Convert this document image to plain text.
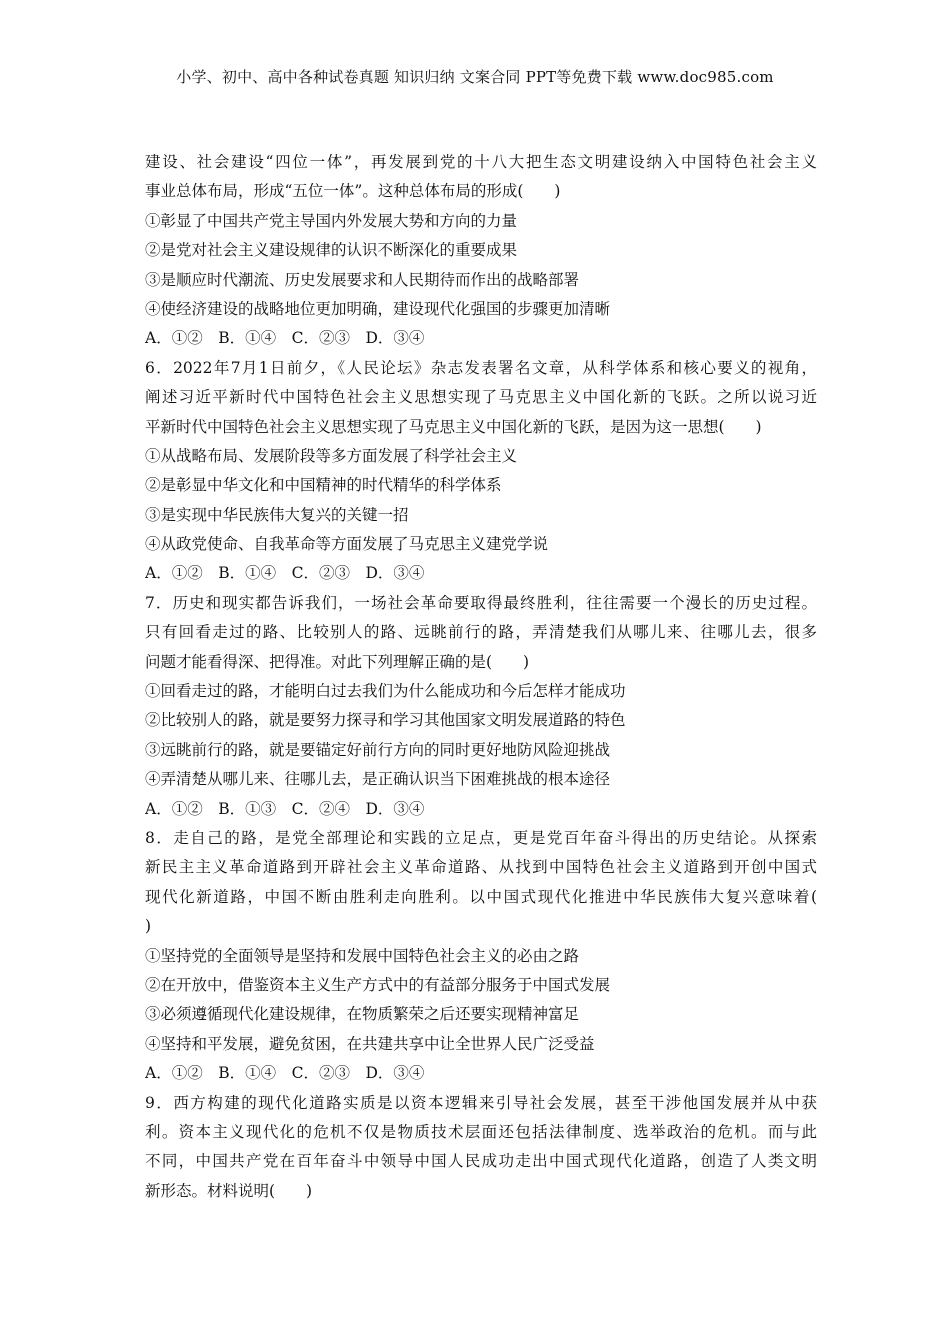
小学、初中、高中各种试卷真题 知识归纳 文案合同 PPT等免费下载 www.doc985.com
建设、社会建设“四位一体”，再发展到党的十八大把生态文明建设纳入中国特色社会主义
事业总体布局，形成“五位一体”。这种总体布局的形成(　　)
①彰显了中国共产党主导国内外发展大势和方向的力量
②是党对社会主义建设规律的认识不断深化的重要成果
③是顺应时代潮流、历史发展要求和人民期待而作出的战略部署
④使经济建设的战略地位更加明确，建设现代化强国的步骤更加清晰
A．①②　B．①④　C．②③　D．③④
6．2022年7月1日前夕，《人民论坛》杂志发表署名文章，从科学体系和核心要义的视角，
阐述习近平新时代中国特色社会主义思想实现了马克思主义中国化新的飞跃。之所以说习近
平新时代中国特色社会主义思想实现了马克思主义中国化新的飞跃，是因为这一思想(　　)
①从战略布局、发展阶段等多方面发展了科学社会主义
②是彰显中华文化和中国精神的时代精华的科学体系
③是实现中华民族伟大复兴的关键一招
④从政党使命、自我革命等方面发展了马克思主义建党学说
A．①②　B．①④　C．②③　D．③④
7．历史和现实都告诉我们，一场社会革命要取得最终胜利，往往需要一个漫长的历史过程。
只有回看走过的路、比较别人的路、远眺前行的路，弄清楚我们从哪儿来、往哪儿去，很多
问题才能看得深、把得准。对此下列理解正确的是(　　)
①回看走过的路，才能明白过去我们为什么能成功和今后怎样才能成功
②比较别人的路，就是要努力探寻和学习其他国家文明发展道路的特色
③远眺前行的路，就是要锚定好前行方向的同时更好地防风险迎挑战
④弄清楚从哪儿来、往哪儿去，是正确认识当下困难挑战的根本途径
A．①②　B．①③　C．②④　D．③④
8．走自己的路，是党全部理论和实践的立足点，更是党百年奋斗得出的历史结论。从探索
新民主主义革命道路到开辟社会主义革命道路、从找到中国特色社会主义道路到开创中国式
现代化新道路，中国不断由胜利走向胜利。以中国式现代化推进中华民族伟大复兴意味着(
)
①坚持党的全面领导是坚持和发展中国特色社会主义的必由之路
②在开放中，借鉴资本主义生产方式中的有益部分服务于中国式发展
③必须遵循现代化建设规律，在物质繁荣之后还要实现精神富足
④坚持和平发展，避免贫困，在共建共享中让全世界人民广泛受益
A．①②　B．①④　C．②③　D．③④
9．西方构建的现代化道路实质是以资本逻辑来引导社会发展，甚至干涉他国发展并从中获
利。资本主义现代化的危机不仅是物质技术层面还包括法律制度、选举政治的危机。而与此
不同，中国共产党在百年奋斗中领导中国人民成功走出中国式现代化道路，创造了人类文明
新形态。材料说明(　　)
